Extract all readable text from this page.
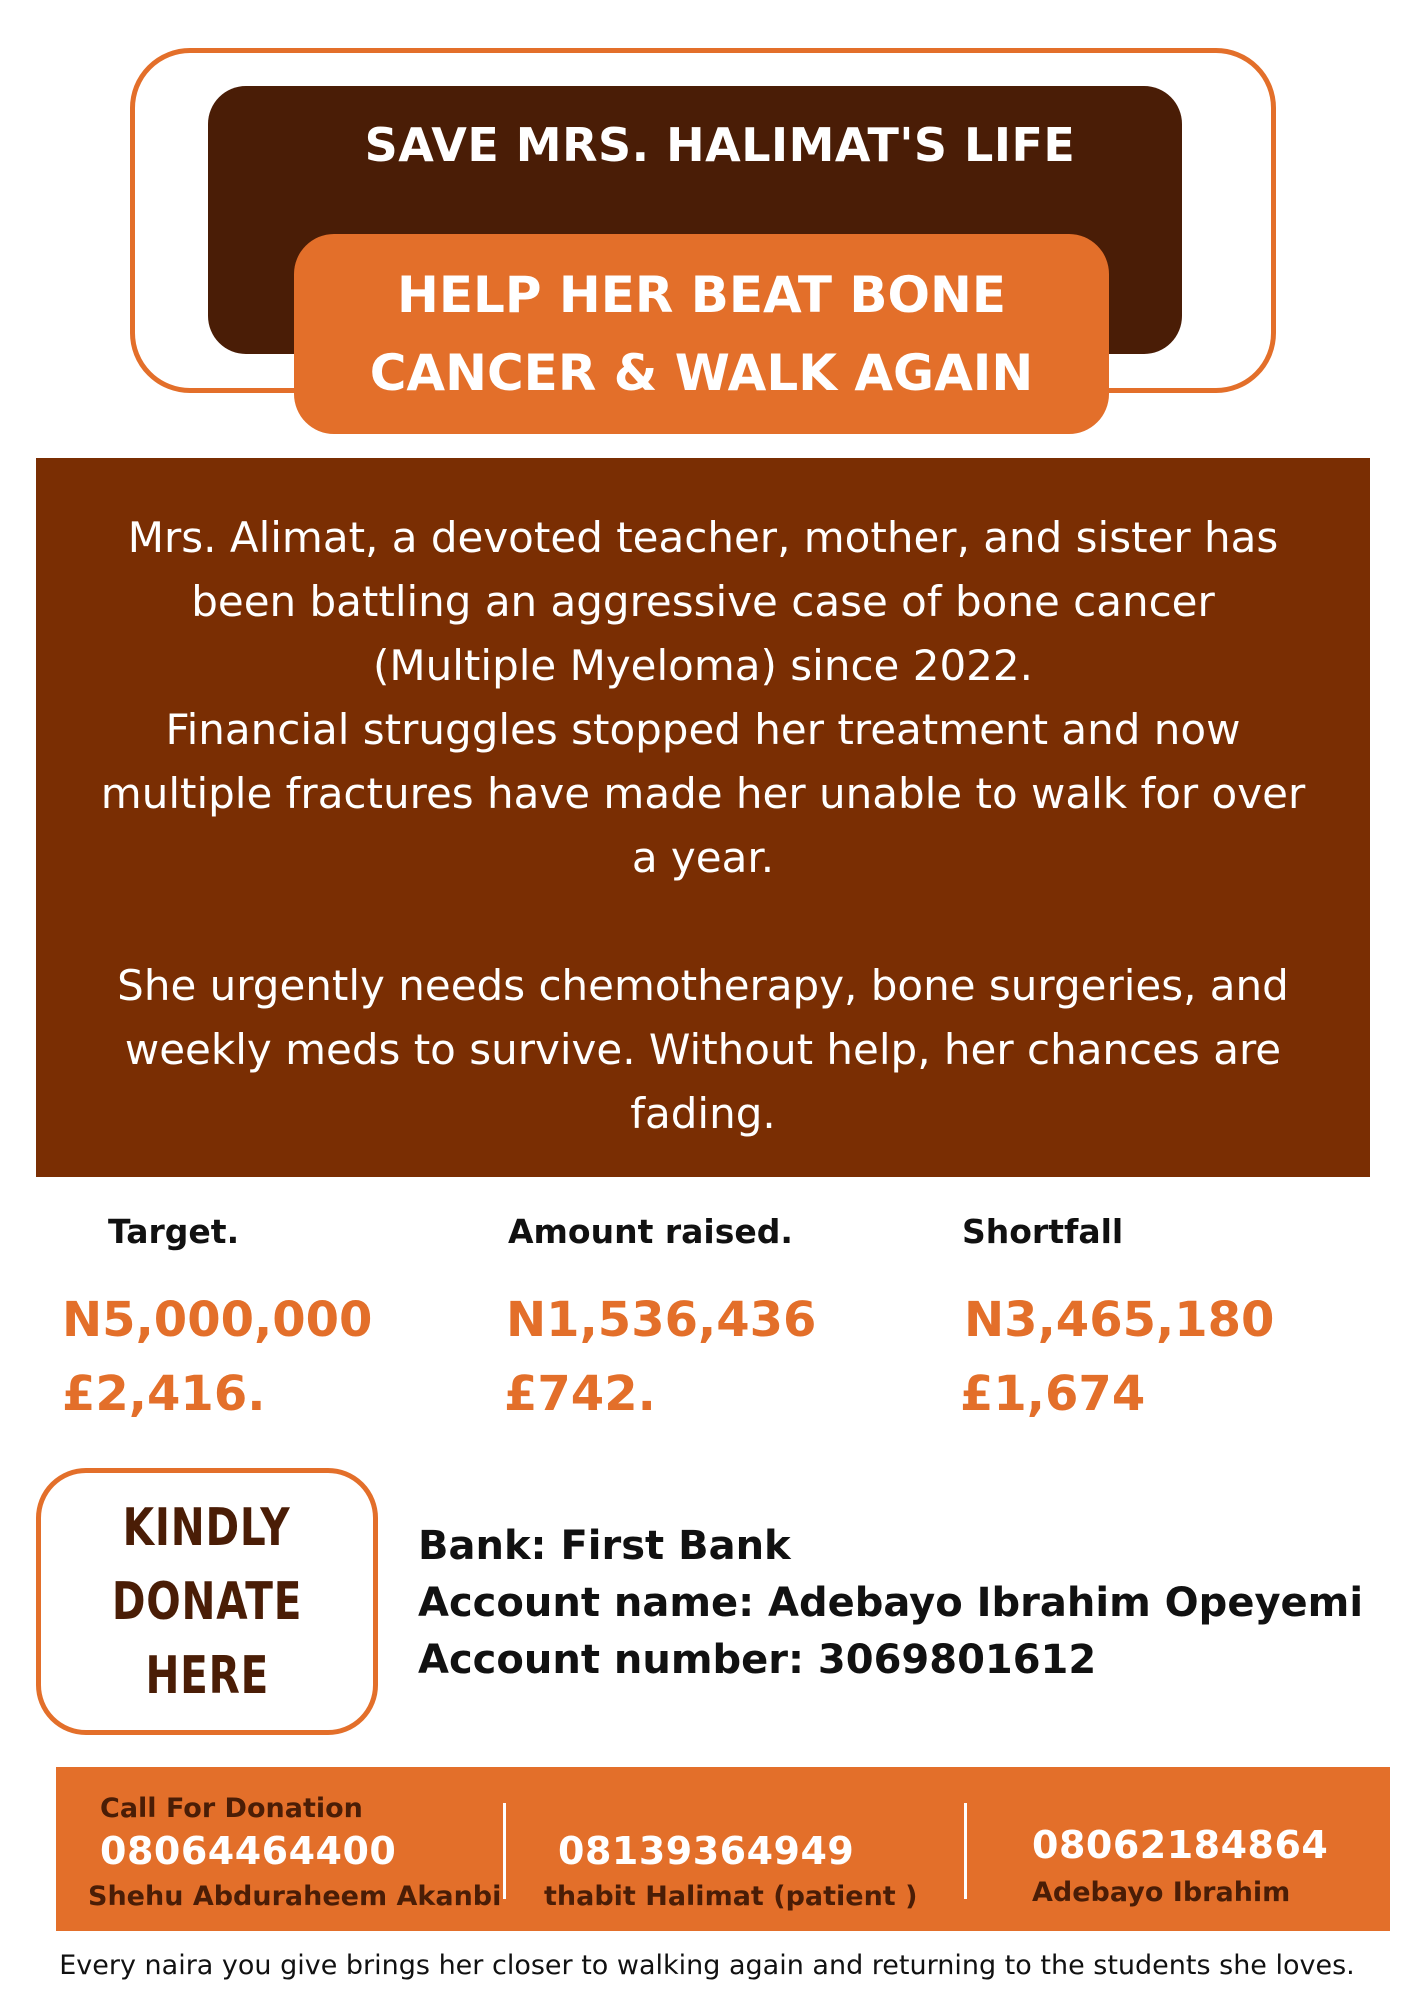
SAVE MRS. HALIMAT'S LIFE
HELP HER BEAT BONE
CANCER & WALK AGAIN

Mrs. Alimat, a devoted teacher, mother, and sister has

been battling an aggressive case of bone cancer

(Multiple Myeloma) since 2022.

Financial struggles stopped her treatment and now

multiple fractures have made her unable to walk for over

a year.

She urgently needs chemotherapy, bone surgeries, and

weekly meds to survive. Without help, her chances are

fading.

Target.	Amount raised.	Shortfall
N5,000,000
£2,416.
N1,536,436
£742.
N3,465,180
£1,674
KINDLY
DONATE
HERE
Bank: First Bank
Account name: Adebayo Ibrahim Opeyemi
Account number: 3069801612
Call For Donation
08064464400
Shehu Abduraheem Akanbi
08139364949
thabit Halimat (patient )
08062184864
Adebayo Ibrahim
Every naira you give brings her closer to walking again and returning to the students she loves.
